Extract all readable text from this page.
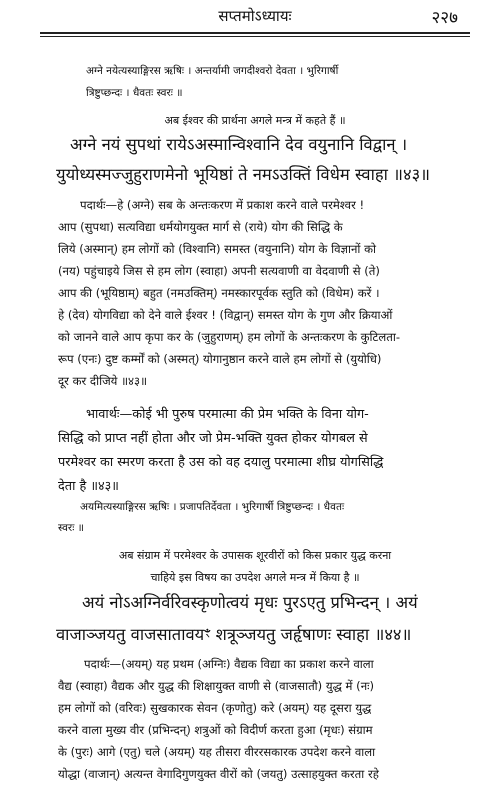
सप्तमोऽध्यायः	२२७
अग्ने नयेत्यस्याङ्गिरस ऋषिः । अन्तर्यामी जगदीश्वरो देवता । भुरिगार्षी
त्रिष्टुप्छन्दः । धैवतः स्वरः ॥
अब ईश्वर की प्रार्थना अगले मन्त्र में कहते हैं ॥
अग्ने नयं सुपथां रायेऽअस्मान्विश्वानि देव वयुनानि विद्वान् ।
युयोध्यस्मज्जुहुराणमेनो भूयिष्ठां ते नमऽउक्तिं विधेम स्वाहा ॥४३॥
पदार्थः—हे (अग्ने) सब के अन्तःकरण में प्रकाश करने वाले परमेश्वर !
आप (सुपथा) सत्यविद्या धर्मयोगयुक्त मार्ग से (राये) योग की सिद्धि के
लिये (अस्मान्) हम लोगों को (विश्वानि) समस्त (वयुनानि) योग के विज्ञानों को
(नय) पहुंचाइये जिस से हम लोग (स्वाहा) अपनी सत्यवाणी वा वेदवाणी से (ते)
आप की (भूयिष्ठाम्) बहुत (नमउक्तिम्) नमस्कारपूर्वक स्तुति को (विधेम) करें ।
हे (देव) योगविद्या को देने वाले ईश्वर ! (विद्वान्) समस्त योग के गुण और क्रियाओं
को जानने वाले आप कृपा कर के (जुहुराणम्) हम लोगों के अन्तःकरण के कुटिलता-
रूप (एनः) दुष्ट कर्म्मों को (अस्मत्) योगानुष्ठान करने वाले हम लोगों से (युयोधि)
दूर कर दीजिये ॥४३॥
भावार्थः—कोई भी पुरुष परमात्मा की प्रेम भक्ति के विना योग-
सिद्धि को प्राप्त नहीं होता और जो प्रेम-भक्ति युक्त होकर योगबल से
परमेश्वर का स्मरण करता है उस को वह दयालु परमात्मा शीघ्र योगसिद्धि
देता है ॥४३॥
अयमित्यस्याङ्गिरस ऋषिः । प्रजापतिर्देवता । भुरिगार्षी त्रिष्टुप्छन्दः । धैवतः
स्वरः ॥
अब संग्राम में परमेश्वर के उपासक शूरवीरों को किस प्रकार युद्ध करना
चाहिये इस विषय का उपदेश अगले मन्त्र में किया है ॥
अयं नोऽअग्निर्वरिवस्कृणोत्वयं मृधः पुरऽएतु प्रभिन्दन् । अयं
वाजाञ्जयतु वाजसातावयꣳ शत्रूञ्जयतु जर्हृषाणः स्वाहा ॥४४॥
पदार्थः—(अयम्) यह प्रथम (अग्निः) वैद्यक विद्या का प्रकाश करने वाला
वैद्य (स्वाहा) वैद्यक और युद्ध की शिक्षायुक्त वाणी से (वाजसातौ) युद्ध में (नः)
हम लोगों को (वरिवः) सुखकारक सेवन (कृणोतु) करे (अयम्) यह दूसरा युद्ध
करने वाला मुख्य वीर (प्रभिन्दन्) शत्रुओं को विदीर्ण करता हुआ (मृधः) संग्राम
के (पुरः) आगे (एतु) चले (अयम्) यह तीसरा वीररसकारक उपदेश करने वाला
योद्धा (वाजान्) अत्यन्त वेगादिगुणयुक्त वीरों को (जयतु) उत्साहयुक्त करता रहे
